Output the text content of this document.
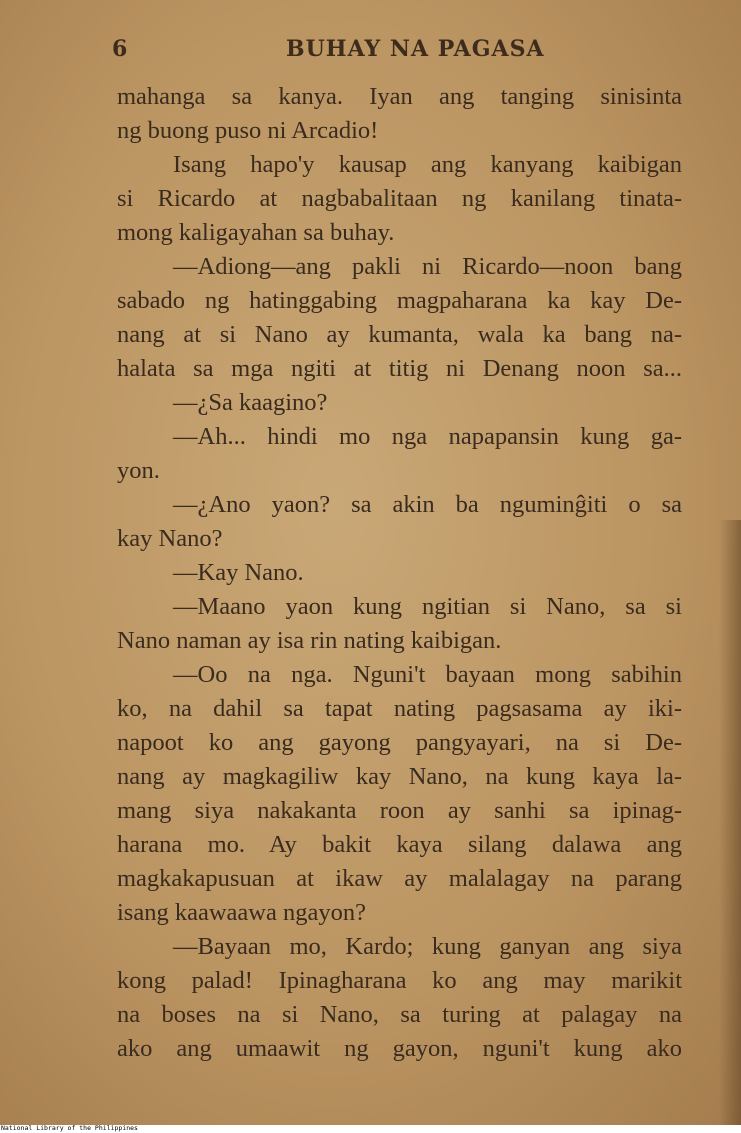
6	BUHAY NA PAGASA
mahanga sa kanya. Iyan ang tanging sinisinta
ng buong puso ni Arcadio!
Isang hapo'y kausap ang kanyang kaibigan
si Ricardo at nagbabalitaan ng kanilang tinata-
mong kaligayahan sa buhay.
—Adiong—ang pakli ni Ricardo—noon bang
sabado ng hatinggabing magpaharana ka kay De-
nang at si Nano ay kumanta, wala ka bang na-
halata sa mga ngiti at titig ni Denang noon sa...
—¿Sa kaagino?
—Ah... hindi mo nga napapansin kung ga-
yon.
—¿Ano yaon? sa akin ba nguminĝiti o sa
kay Nano?
—Kay Nano.
—Maano yaon kung ngitian si Nano, sa si
Nano naman ay isa rin nating kaibigan.
—Oo na nga. Nguni't bayaan mong sabihin
ko, na dahil sa tapat nating pagsasama ay iki-
napoot ko ang gayong pangyayari, na si De-
nang ay magkagiliw kay Nano, na kung kaya la-
mang siya nakakanta roon ay sanhi sa ipinag-
harana mo. Ay bakit kaya silang dalawa ang
magkakapusuan at ikaw ay malalagay na parang
isang kaawaawa ngayon?
—Bayaan mo, Kardo; kung ganyan ang siya
kong palad! Ipinagharana ko ang may marikit
na boses na si Nano, sa turing at palagay na
ako ang umaawit ng gayon, nguni't kung ako
National Library of the Philippines
